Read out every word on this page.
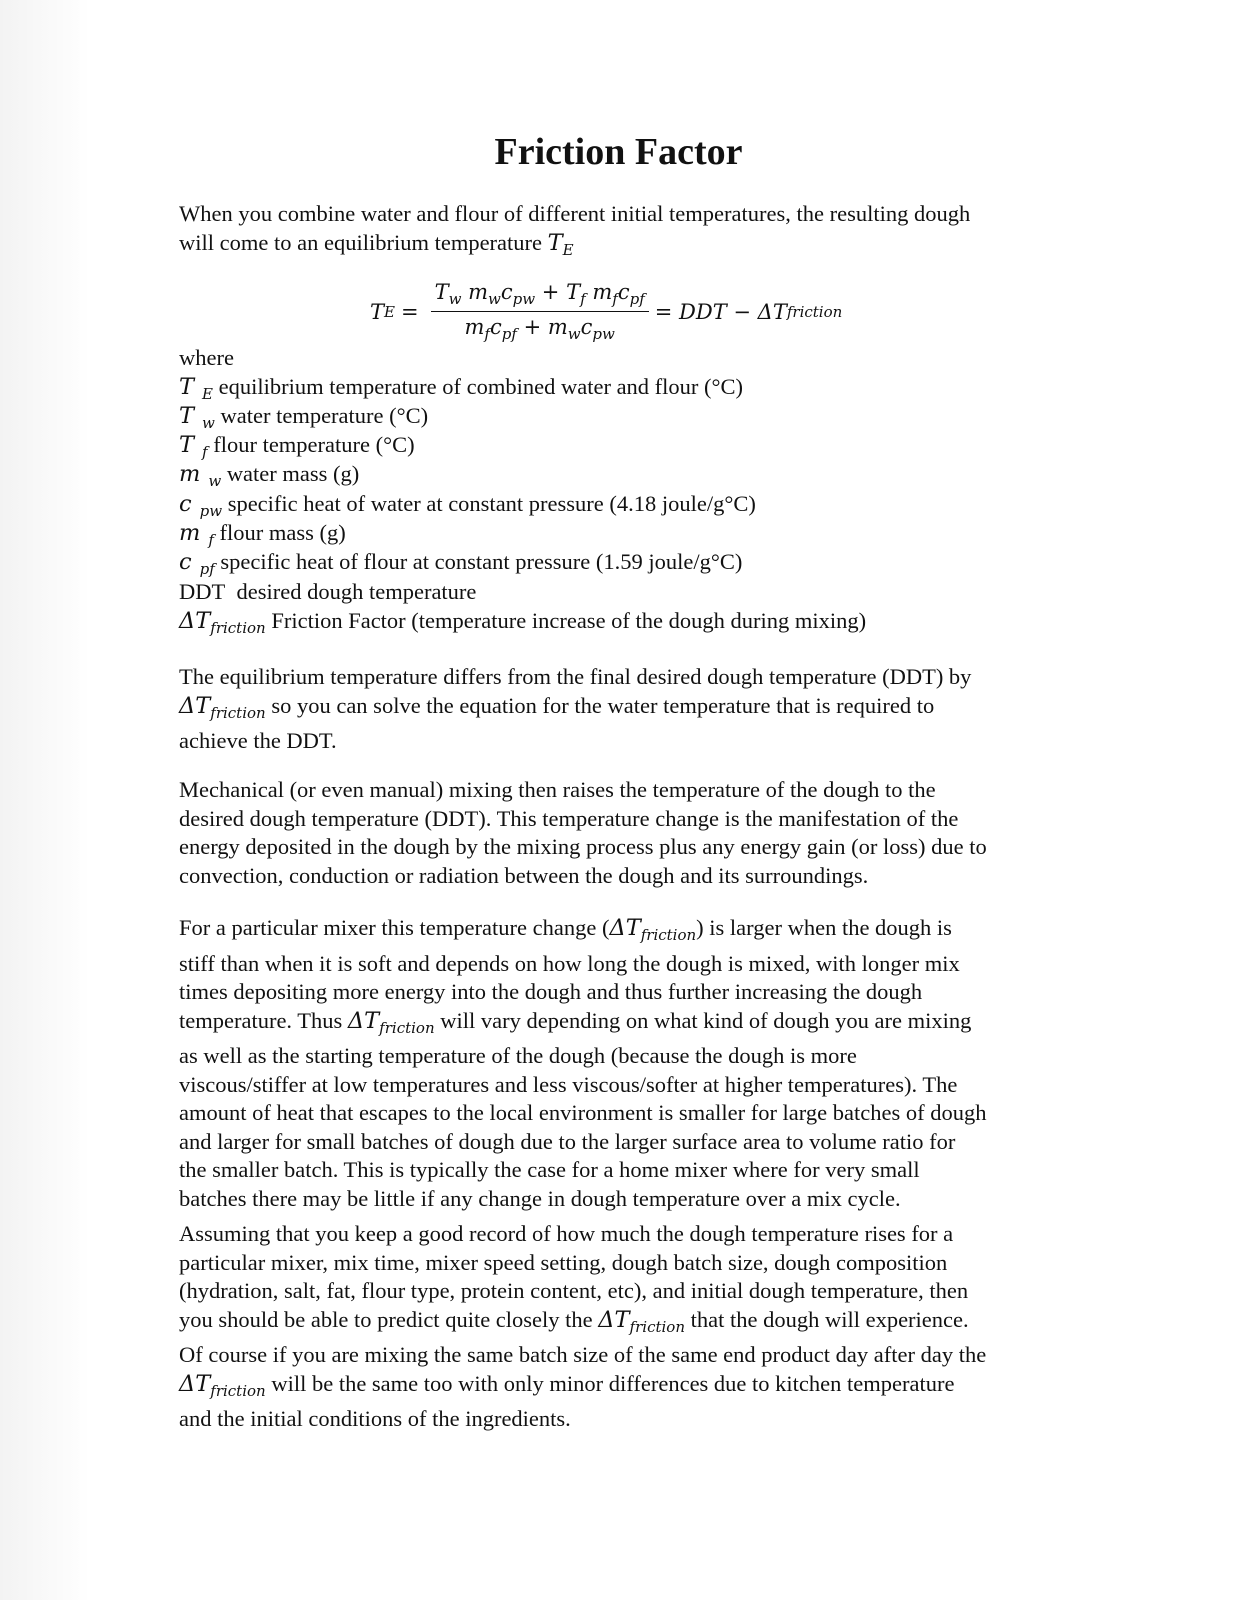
Friction Factor

When you combine water and flour of different initial temperatures, the resulting dough

will come to an equilibrium temperature $T_E$

T $E = \frac{T_w m_wc_{pw} + T_f m_fc_{pf}}{m_fc_{pf} + m_wc_{pw}}$ = DDT − ΔT friction

where

T $_E$ equilibrium temperature of combined water and flour (°C)
T $_w$ water temperature (°C)
T $_f$ flour temperature (°C)
m $_w$ water mass (g)
c $_{pw}$ specific heat of water at constant pressure (4.18 joule/g°C)
m $_f$ flour mass (g)
c $_{pf}$ specific heat of flour at constant pressure (1.59 joule/g°C)
DDT desired dough temperature
$\Delta T_{friction}$ Friction Factor (temperature increase of the dough during mixing)

The equilibrium temperature differs from the final desired dough temperature (DDT) by

$\Delta T_{friction}$ so you can solve the equation for the water temperature that is required to

achieve the DDT.

Mechanical (or even manual) mixing then raises the temperature of the dough to the

desired dough temperature (DDT). This temperature change is the manifestation of the

energy deposited in the dough by the mixing process plus any energy gain (or loss) due to

convection, conduction or radiation between the dough and its surroundings.

For a particular mixer this temperature change $(\Delta T_{friction})$ is larger when the dough is

stiff than when it is soft and depends on how long the dough is mixed, with longer mix

times depositing more energy into the dough and thus further increasing the dough

temperature. Thus $\Delta T_{friction}$ will vary depending on what kind of dough you are mixing

as well as the starting temperature of the dough (because the dough is more

viscous/stiffer at low temperatures and less viscous/softer at higher temperatures). The

amount of heat that escapes to the local environment is smaller for large batches of dough

and larger for small batches of dough due to the larger surface area to volume ratio for

the smaller batch. This is typically the case for a home mixer where for very small

batches there may be little if any change in dough temperature over a mix cycle.

Assuming that you keep a good record of how much the dough temperature rises for a

particular mixer, mix time, mixer speed setting, dough batch size, dough composition

(hydration, salt, fat, flour type, protein content, etc), and initial dough temperature, then

you should be able to predict quite closely the $\Delta T_{friction}$ that the dough will experience.

Of course if you are mixing the same batch size of the same end product day after day the

$\Delta T_{friction}$ will be the same too with only minor differences due to kitchen temperature

and the initial conditions of the ingredients.
